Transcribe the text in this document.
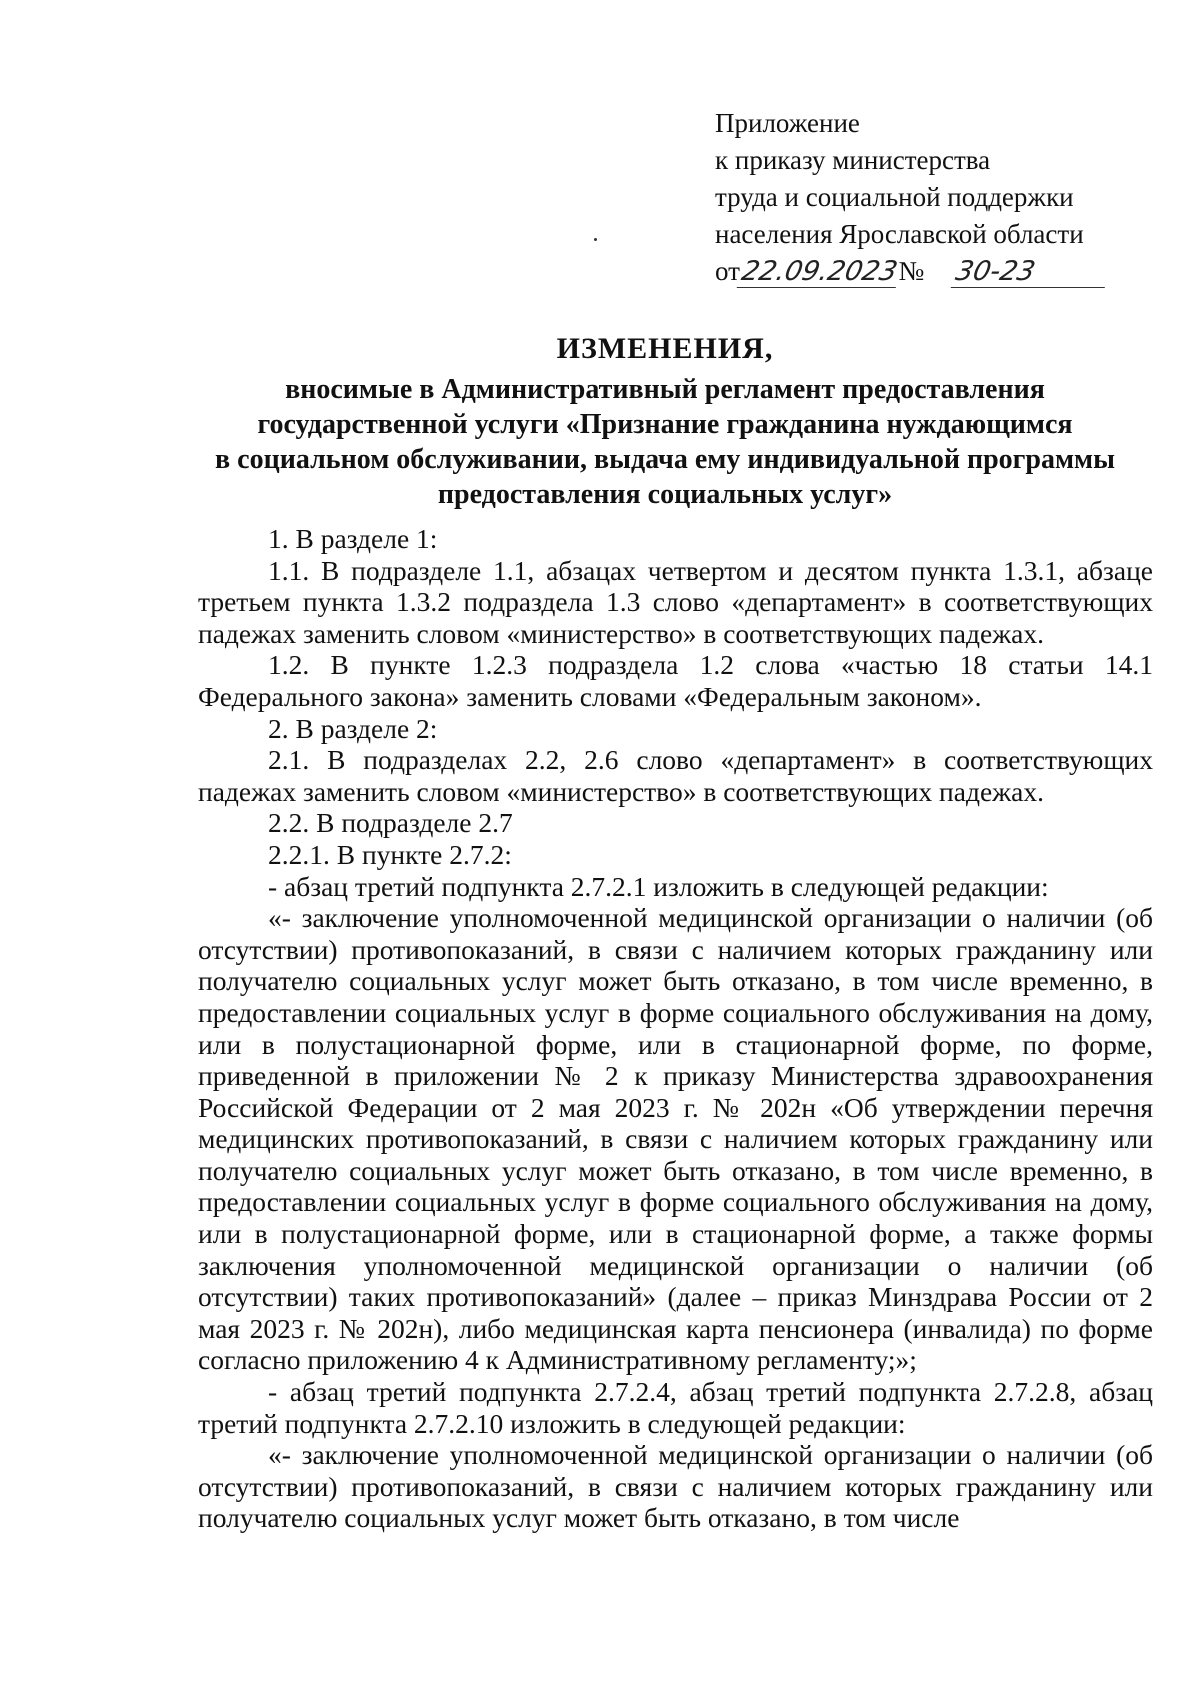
Приложение
к приказу министерства
труда и социальной поддержки
населения Ярославской области
от22.09.2023№ 30-23
ИЗМЕНЕНИЯ,
вносимые в Административный регламент предоставления
государственной услуги «Признание гражданина нуждающимся
в социальном обслуживании, выдача ему индивидуальной программы
предоставления социальных услуг»

1. В разделе 1:

1.1. В подразделе 1.1, абзацах четвертом и десятом пункта 1.3.1, абзаце третьем пункта 1.3.2 подраздела 1.3 слово «департамент» в соответствующих падежах заменить словом «министерство» в соответствующих падежах.

1.2. В пункте 1.2.3 подраздела 1.2 слова «частью 18 статьи 14.1 Федерального закона» заменить словами «Федеральным законом».

2. В разделе 2:

2.1. В подразделах 2.2, 2.6 слово «департамент» в соответствующих падежах заменить словом «министерство» в соответствующих падежах.

2.2. В подразделе 2.7

2.2.1. В пункте 2.7.2:

- абзац третий подпункта 2.7.2.1 изложить в следующей редакции:

«- заключение уполномоченной медицинской организации о наличии (об отсутствии) противопоказаний, в связи с наличием которых гражданину или получателю социальных услуг может быть отказано, в том числе временно, в предоставлении социальных услуг в форме социального обслуживания на дому, или в полустационарной форме, или в стационарной форме, по форме, приведенной в приложении № 2 к приказу Министерства здравоохранения Российской Федерации от 2 мая 2023 г. № 202н «Об утверждении перечня медицинских противопоказаний, в связи с наличием которых гражданину или получателю социальных услуг может быть отказано, в том числе временно, в предоставлении социальных услуг в форме социального обслуживания на дому, или в полустационарной форме, или в стационарной форме, а также формы заключения уполномоченной медицинской организации о наличии (об отсутствии) таких противопоказаний» (далее – приказ Минздрава России от 2 мая 2023 г. № 202н), либо медицинская карта пенсионера (инвалида) по форме согласно приложению 4 к Административному регламенту;»;

- абзац третий подпункта 2.7.2.4, абзац третий подпункта 2.7.2.8, абзац третий подпункта 2.7.2.10 изложить в следующей редакции:

«- заключение уполномоченной медицинской организации о наличии (об отсутствии) противопоказаний, в связи с наличием которых гражданину или получателю социальных услуг может быть отказано, в том числе
